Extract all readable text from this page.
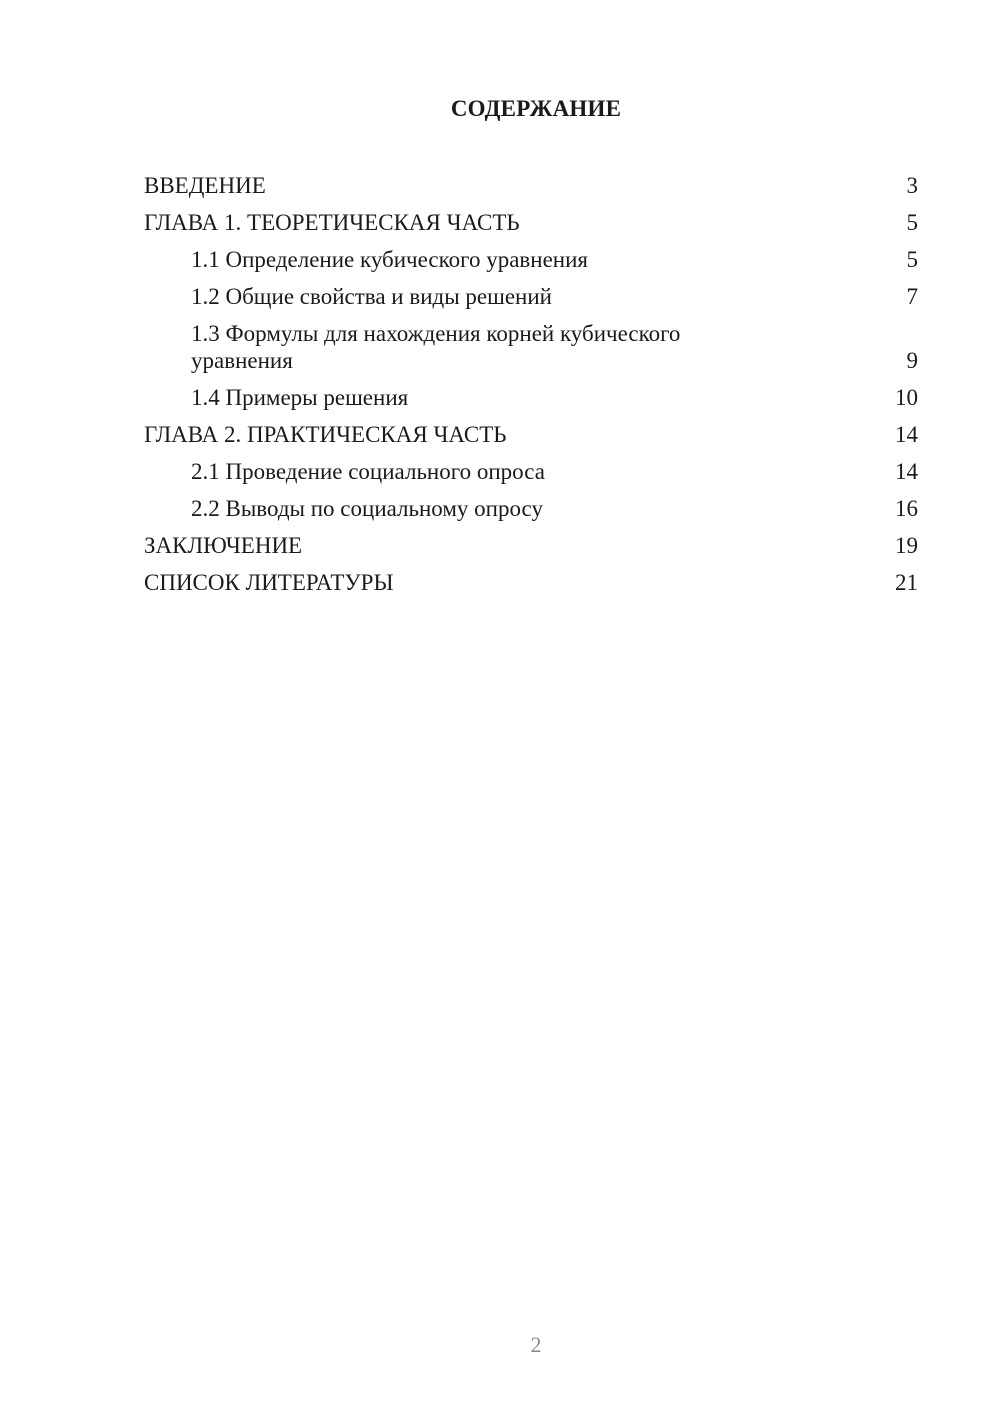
СОДЕРЖАНИЕ
ВВЕДЕНИЕ	3
ГЛАВА 1. ТЕОРЕТИЧЕСКАЯ ЧАСТЬ	5
1.1 Определение кубического уравнения	5
1.2 Общие свойства и виды решений	7
1.3 Формулы для нахождения корней кубического уравнения	9
1.4 Примеры решения	10
ГЛАВА 2. ПРАКТИЧЕСКАЯ ЧАСТЬ	14
2.1 Проведение социального опроса	14
2.2 Выводы по социальному опросу	16
ЗАКЛЮЧЕНИЕ	19
СПИСОК ЛИТЕРАТУРЫ	21
2
